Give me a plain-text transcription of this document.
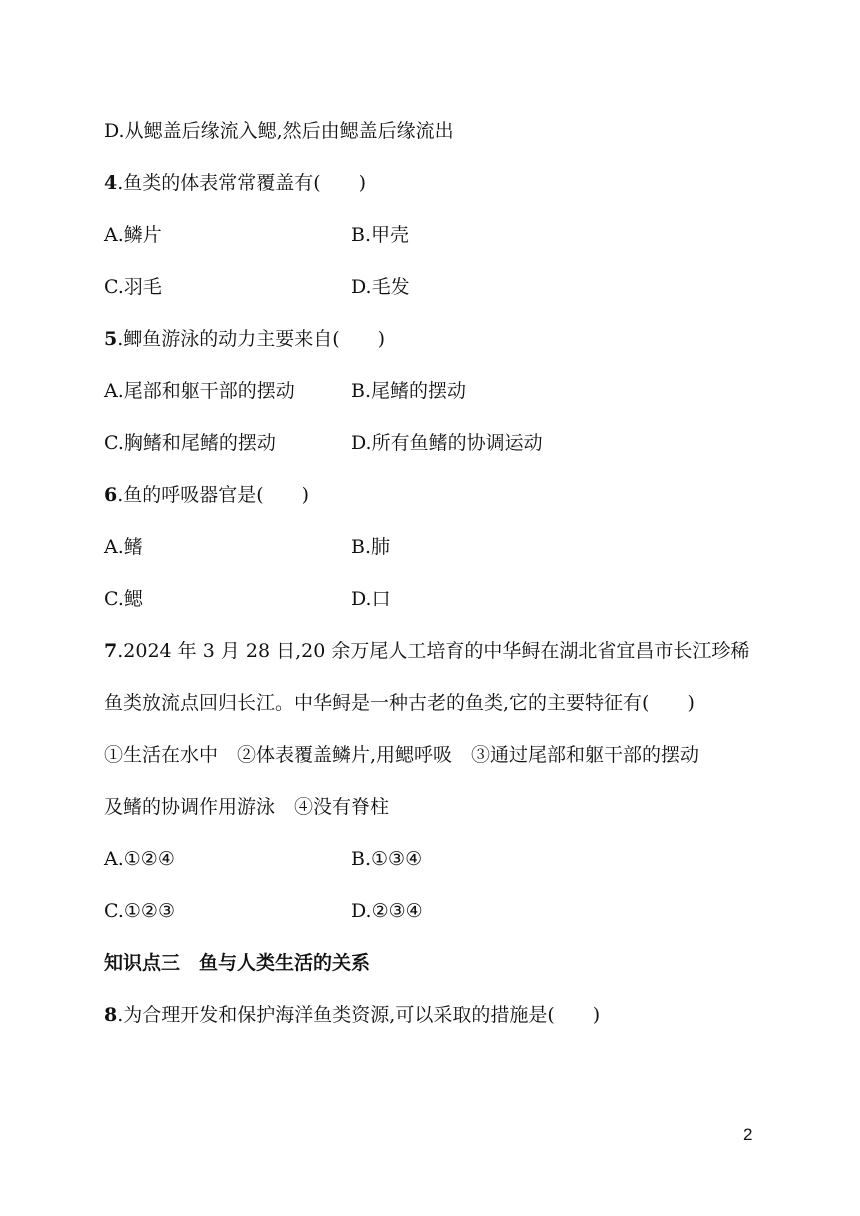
D.从鳃盖后缘流入鳃,然后由鳃盖后缘流出
4.鱼类的体表常常覆盖有(　　)
A.鳞片	B.甲壳
C.羽毛	D.毛发
5.鲫鱼游泳的动力主要来自(　　)
A.尾部和躯干部的摆动	B.尾鳍的摆动
C.胸鳍和尾鳍的摆动	D.所有鱼鳍的协调运动
6.鱼的呼吸器官是(　　)
A.鳍	B.肺
C.鳃	D.口
7.2024 年 3 月 28 日,20 余万尾人工培育的中华鲟在湖北省宜昌市长江珍稀
鱼类放流点回归长江。中华鲟是一种古老的鱼类,它的主要特征有(　　)
①生活在水中　②体表覆盖鳞片,用鳃呼吸　③通过尾部和躯干部的摆动
及鳍的协调作用游泳　④没有脊柱
A.①②④	B.①③④
C.①②③	D.②③④
知识点三　鱼与人类生活的关系
8.为合理开发和保护海洋鱼类资源,可以采取的措施是(　　)
2
